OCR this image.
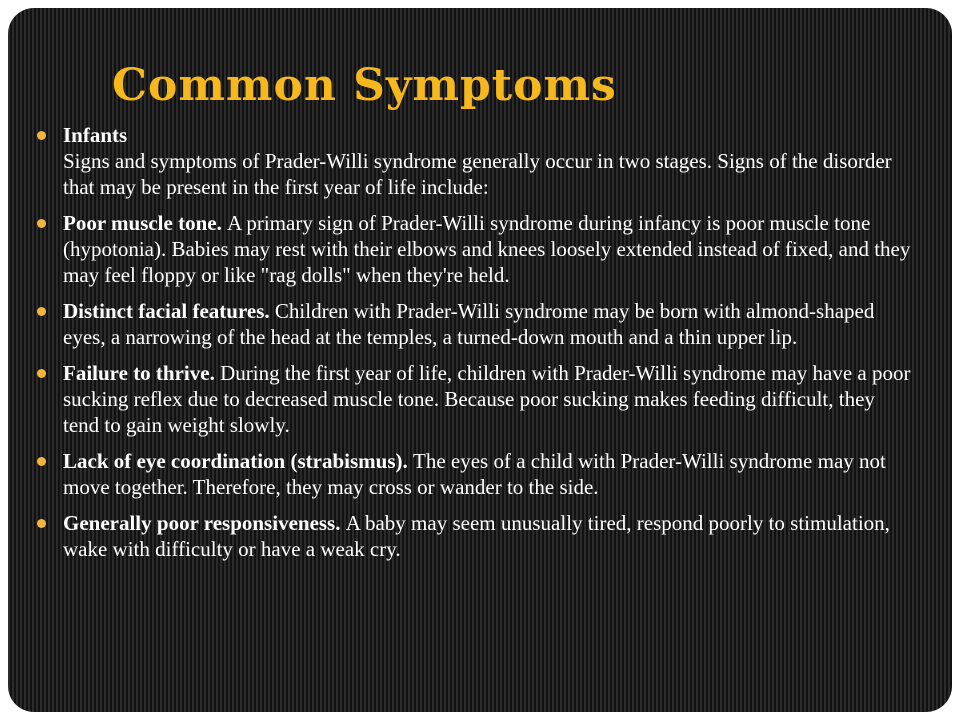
Common Symptoms
Infants
Signs and symptoms of Prader-Willi syndrome generally occur in two stages. Signs of the disorder that may be present in the first year of life include:
Poor muscle tone. A primary sign of Prader-Willi syndrome during infancy is poor muscle tone (hypotonia). Babies may rest with their elbows and knees loosely extended instead of fixed, and they may feel floppy or like "rag dolls" when they're held.
Distinct facial features. Children with Prader-Willi syndrome may be born with almond-shaped eyes, a narrowing of the head at the temples, a turned-down mouth and a thin upper lip.
Failure to thrive. During the first year of life, children with Prader-Willi syndrome may have a poor sucking reflex due to decreased muscle tone. Because poor sucking makes feeding difficult, they tend to gain weight slowly.
Lack of eye coordination (strabismus). The eyes of a child with Prader-Willi syndrome may not move together. Therefore, they may cross or wander to the side.
Generally poor responsiveness. A baby may seem unusually tired, respond poorly to stimulation, wake with difficulty or have a weak cry.
